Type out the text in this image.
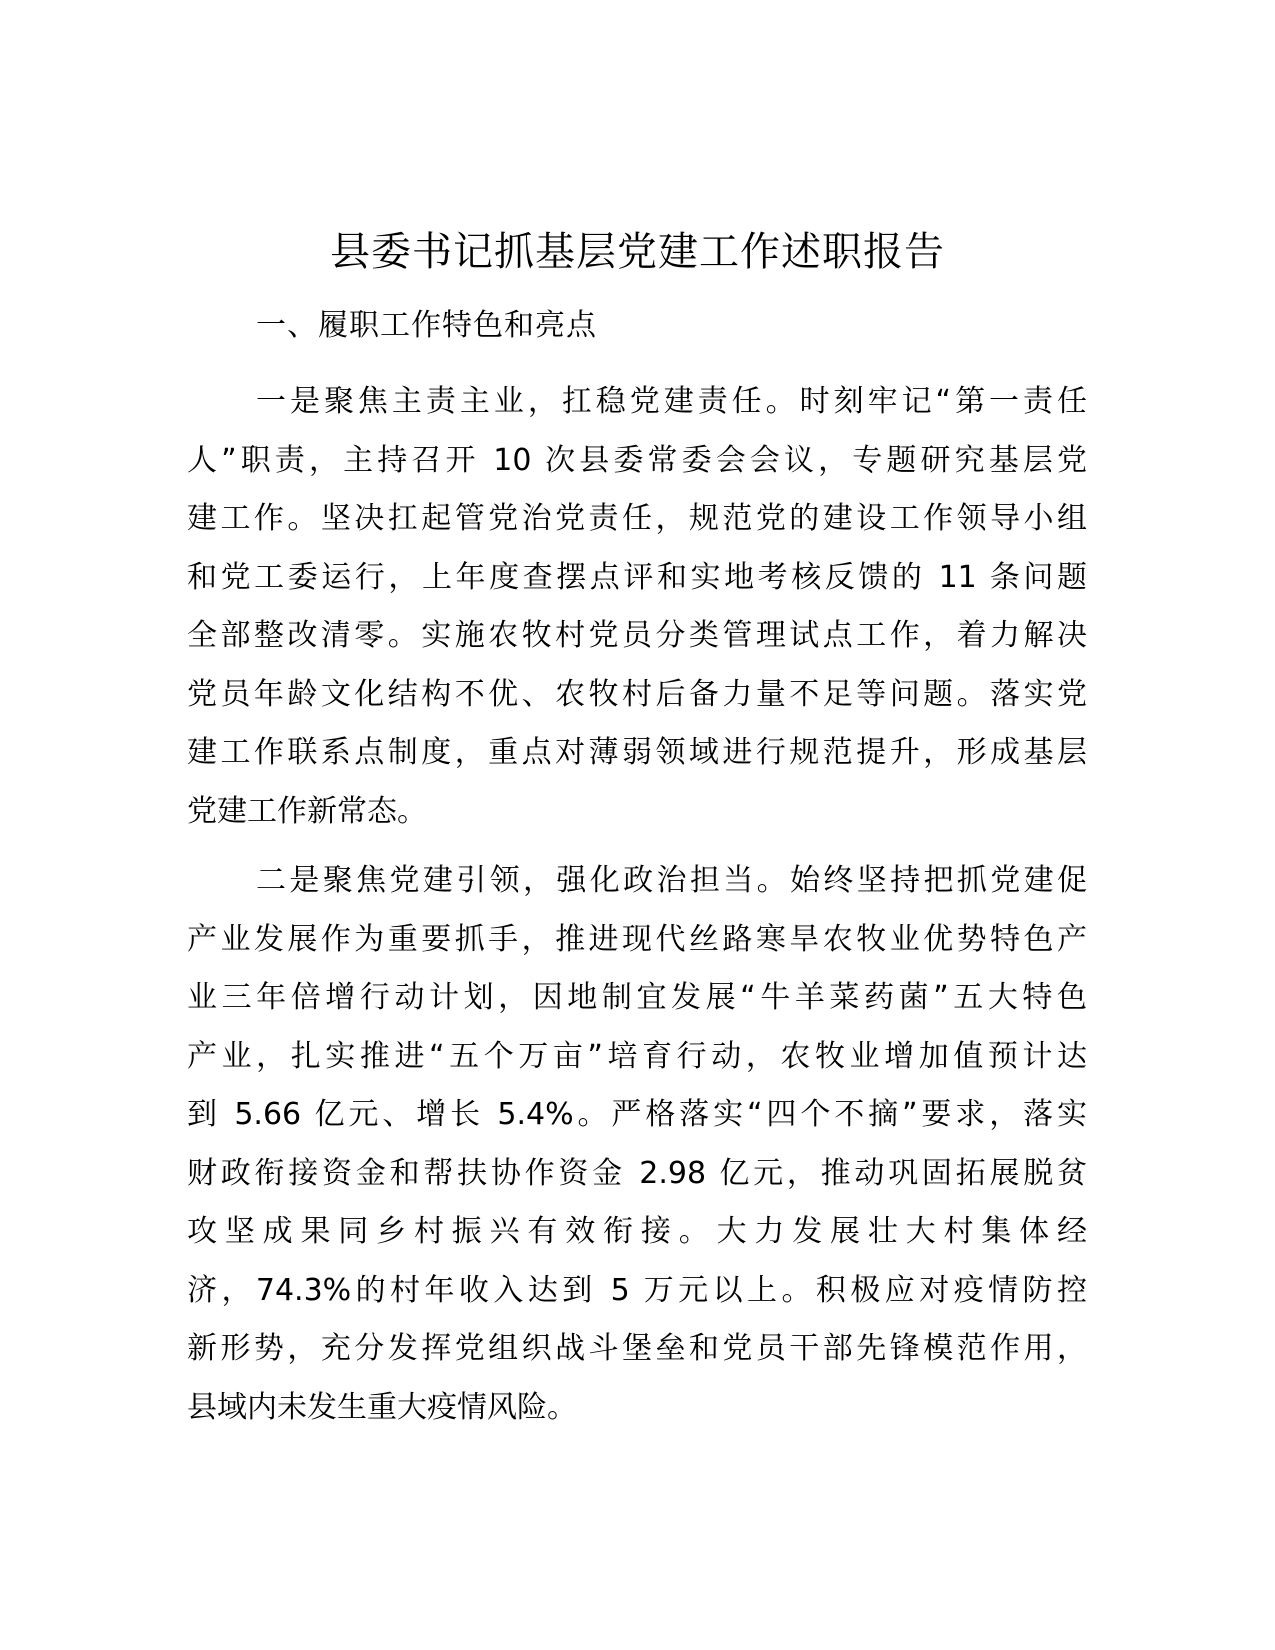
县委书记抓基层党建工作述职报告
一、履职工作特色和亮点
一是聚焦主责主业，扛稳党建责任。时刻牢记“第一责任
人”职责，主持召开 10 次县委常委会会议，专题研究基层党
建工作。坚决扛起管党治党责任，规范党的建设工作领导小组
和党工委运行，上年度查摆点评和实地考核反馈的 11 条问题
全部整改清零。实施农牧村党员分类管理试点工作，着力解决
党员年龄文化结构不优、农牧村后备力量不足等问题。落实党
建工作联系点制度，重点对薄弱领域进行规范提升，形成基层
党建工作新常态。
二是聚焦党建引领，强化政治担当。始终坚持把抓党建促
产业发展作为重要抓手，推进现代丝路寒旱农牧业优势特色产
业三年倍增行动计划，因地制宜发展“牛羊菜药菌”五大特色
产业，扎实推进“五个万亩”培育行动，农牧业增加值预计达
到 5.66 亿元、增长 5.4%。严格落实“四个不摘”要求，落实
财政衔接资金和帮扶协作资金 2.98 亿元，推动巩固拓展脱贫
攻坚成果同乡村振兴有效衔接。大力发展壮大村集体经
济，74.3%的村年收入达到 5 万元以上。积极应对疫情防控
新形势，充分发挥党组织战斗堡垒和党员干部先锋模范作用，
县域内未发生重大疫情风险。
